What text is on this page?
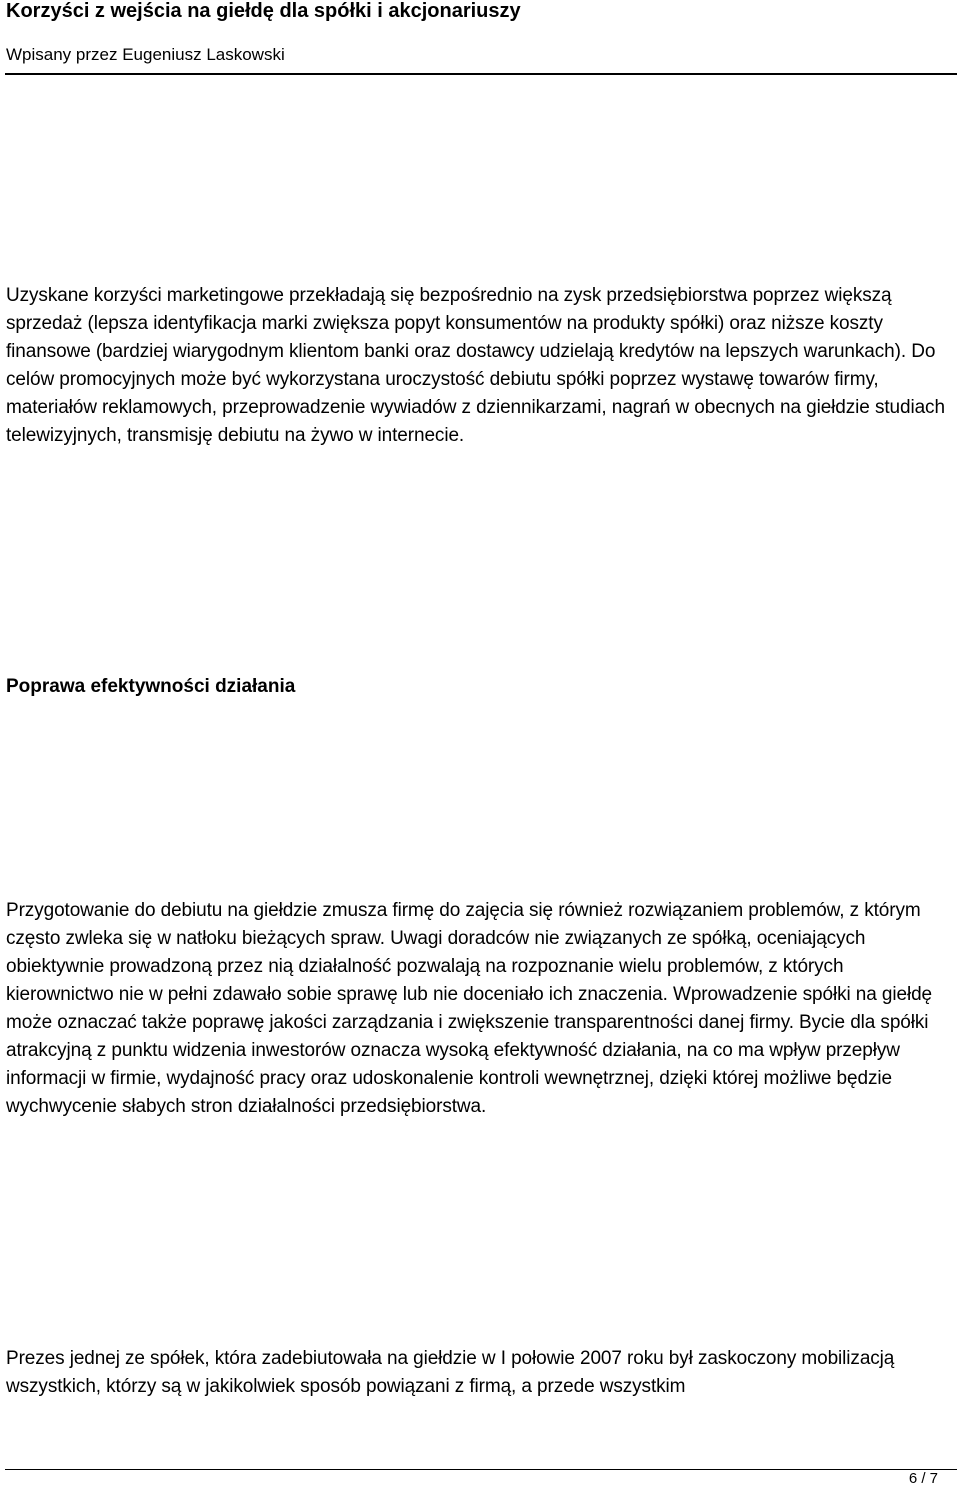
Korzyści z wejścia na giełdę dla spółki i akcjonariuszy

Wpisany przez Eugeniusz Laskowski

Uzyskane korzyści marketingowe przekładają się bezpośrednio na zysk przedsiębiorstwa poprzez większą sprzedaż (lepsza identyfikacja marki zwiększa popyt konsumentów na produkty spółki) oraz niższe koszty finansowe (bardziej wiarygodnym klientom banki oraz dostawcy udzielają kredytów na lepszych warunkach). Do celów promocyjnych może być wykorzystana uroczystość debiutu spółki poprzez wystawę towarów firmy, materiałów reklamowych, przeprowadzenie wywiadów z dziennikarzami, nagrań w obecnych na giełdzie studiach telewizyjnych, transmisję debiutu na żywo w internecie.

Poprawa efektywności działania

Przygotowanie do debiutu na giełdzie zmusza firmę do zajęcia się również rozwiązaniem problemów, z którym często zwleka się w natłoku bieżących spraw. Uwagi doradców nie związanych ze spółką, oceniających obiektywnie prowadzoną przez nią działalność pozwalają na rozpoznanie wielu problemów, z których kierownictwo nie w pełni zdawało sobie sprawę lub nie doceniało ich znaczenia. Wprowadzenie spółki na giełdę może oznaczać także poprawę jakości zarządzania i zwiększenie transparentności danej firmy. Bycie dla spółki atrakcyjną z punktu widzenia inwestorów oznacza wysoką efektywność działania, na co ma wpływ przepływ informacji w firmie, wydajność pracy oraz udoskonalenie kontroli wewnętrznej, dzięki której możliwe będzie wychwycenie słabych stron działalności przedsiębiorstwa.

Prezes jednej ze spółek, która zadebiutowała na giełdzie w I połowie 2007 roku był zaskoczony mobilizacją wszystkich, którzy są w jakikolwiek sposób powiązani z firmą, a przede wszystkim

6 / 7
